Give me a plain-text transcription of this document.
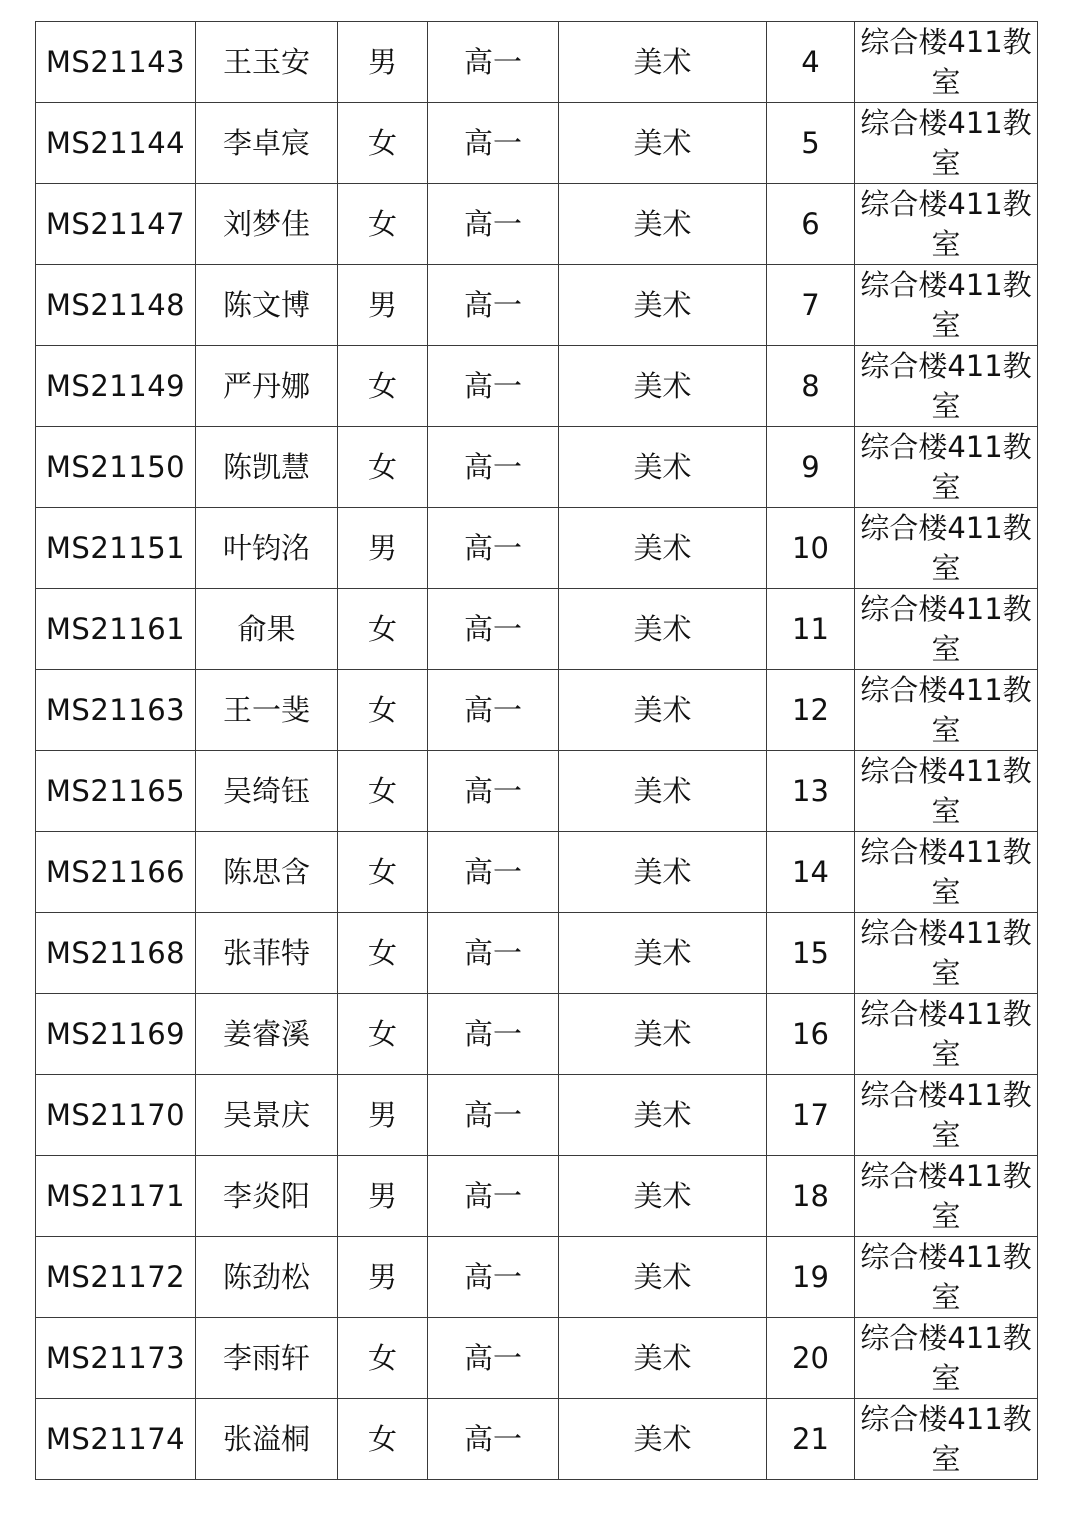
MS21143	王玉安	男	高一	美术	4	综合楼411教室
MS21144	李卓宸	女	高一	美术	5	综合楼411教室
MS21147	刘梦佳	女	高一	美术	6	综合楼411教室
MS21148	陈文博	男	高一	美术	7	综合楼411教室
MS21149	严丹娜	女	高一	美术	8	综合楼411教室
MS21150	陈凯慧	女	高一	美术	9	综合楼411教室
MS21151	叶钧洺	男	高一	美术	10	综合楼411教室
MS21161	俞果	女	高一	美术	11	综合楼411教室
MS21163	王一斐	女	高一	美术	12	综合楼411教室
MS21165	吴绮钰	女	高一	美术	13	综合楼411教室
MS21166	陈思含	女	高一	美术	14	综合楼411教室
MS21168	张菲特	女	高一	美术	15	综合楼411教室
MS21169	姜睿溪	女	高一	美术	16	综合楼411教室
MS21170	吴景庆	男	高一	美术	17	综合楼411教室
MS21171	李炎阳	男	高一	美术	18	综合楼411教室
MS21172	陈劲松	男	高一	美术	19	综合楼411教室
MS21173	李雨轩	女	高一	美术	20	综合楼411教室
MS21174	张溢桐	女	高一	美术	21	综合楼411教室
